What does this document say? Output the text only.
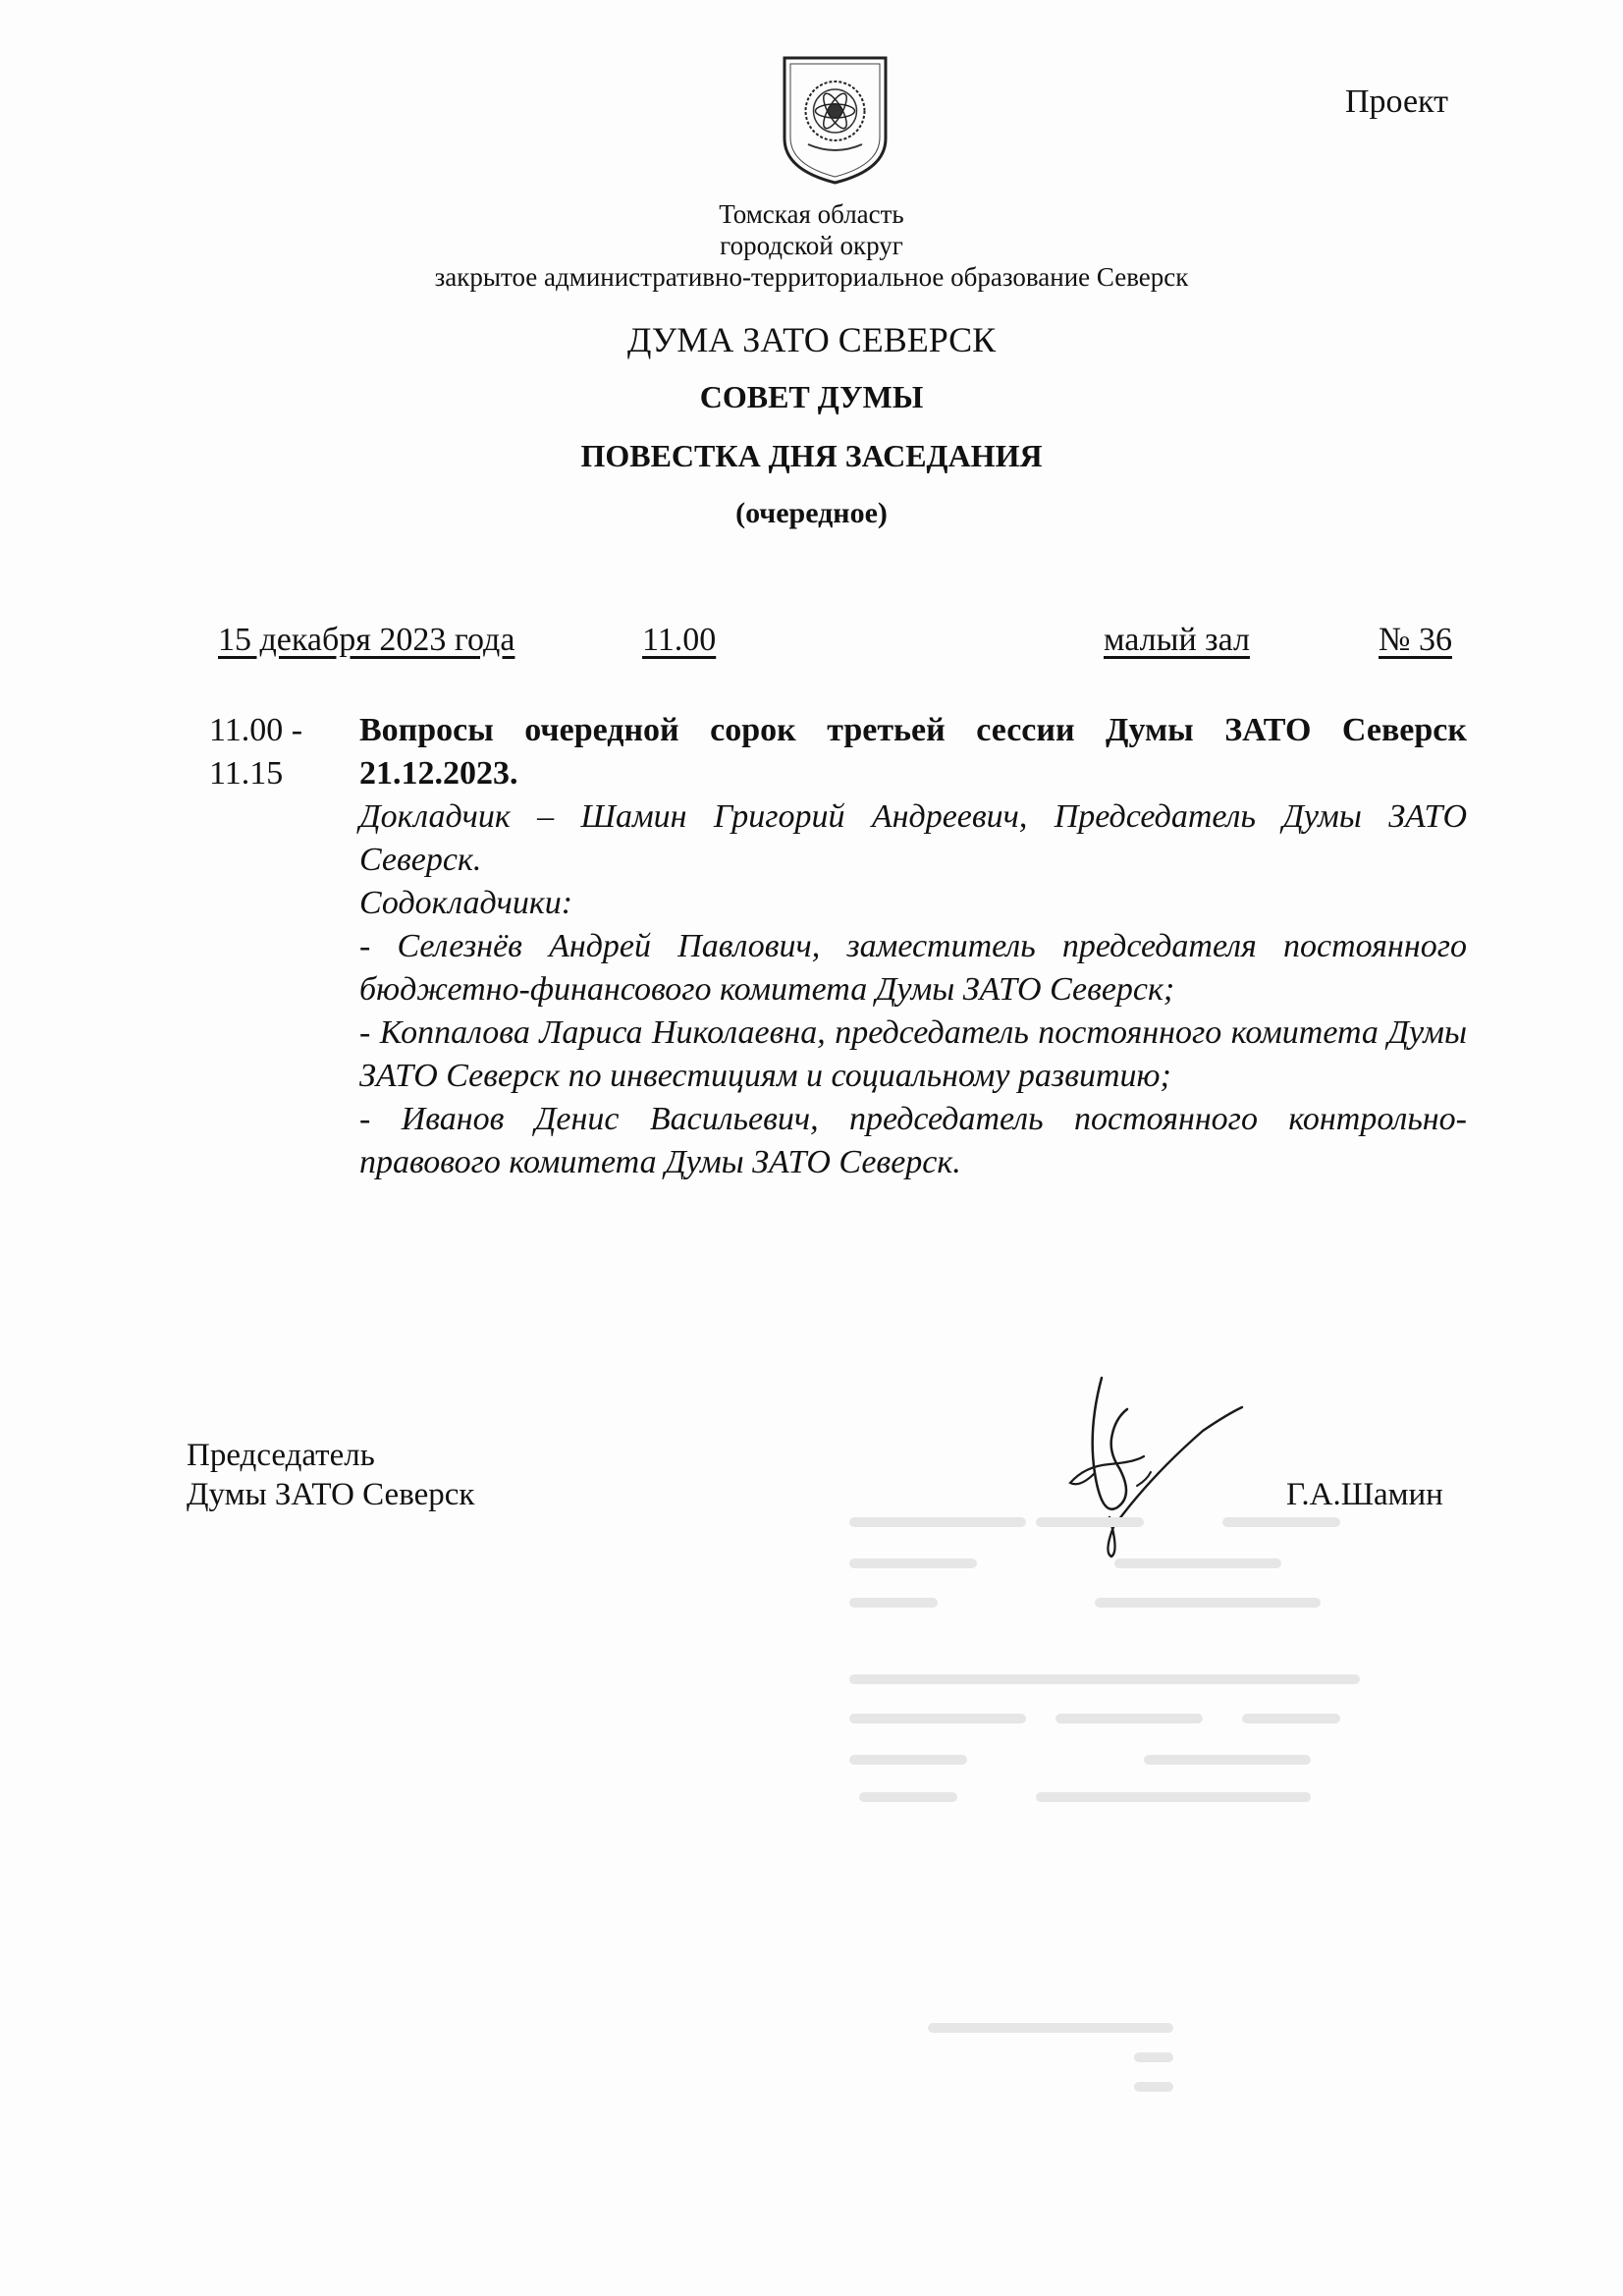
Проект
Томская область
городской округ
закрытое административно-территориальное образование Северск
ДУМА ЗАТО СЕВЕРСК
СОВЕТ ДУМЫ
ПОВЕСТКА ДНЯ ЗАСЕДАНИЯ
(очередное)
15 декабря 2023 года	11.00	малый зал	№ 36
11.00 -
11.15
Вопросы очередной сорок третьей сессии Думы ЗАТО Северск 21.12.2023.
Докладчик – Шамин Григорий Андреевич, Председатель Думы ЗАТО Северск.
Содокладчики:
- Селезнёв Андрей Павлович, заместитель председателя постоянного бюджетно-финансового комитета Думы ЗАТО Северск;
- Коппалова Лариса Николаевна, председатель постоянного комитета Думы ЗАТО Северск по инвестициям и социальному развитию;
- Иванов Денис Васильевич, председатель постоянного контрольно-правового комитета Думы ЗАТО Северск.
Председатель
Думы ЗАТО Северск	Г.А.Шамин
